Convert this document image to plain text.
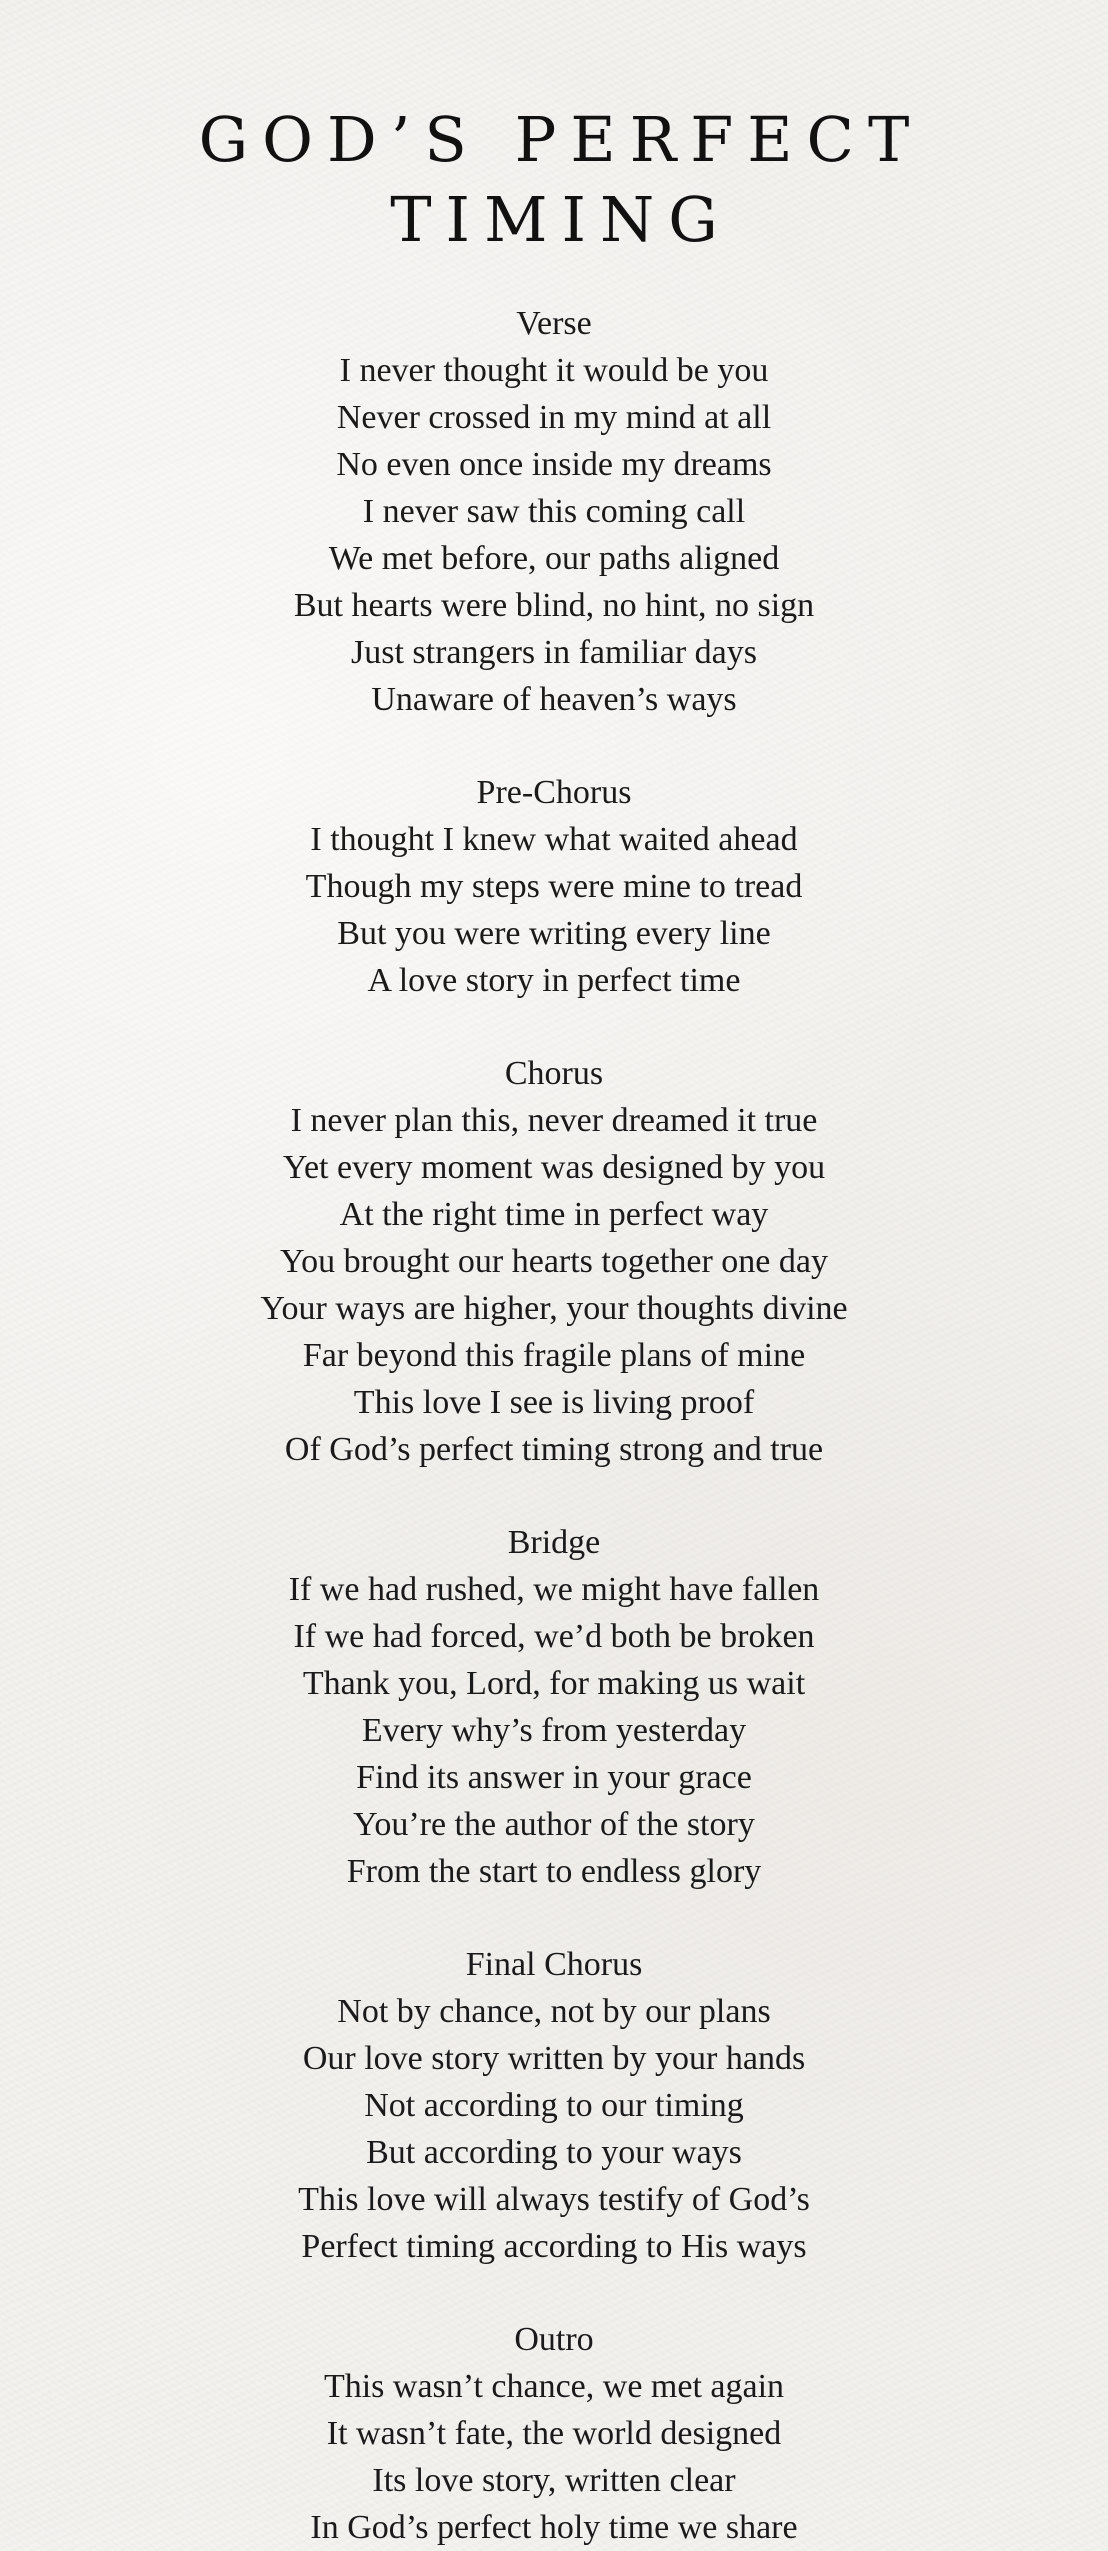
GOD’S PERFECT TIMING
Verse
I never thought it would be you
Never crossed in my mind at all
No even once inside my dreams
I never saw this coming call
We met before, our paths aligned
But hearts were blind, no hint, no sign
Just strangers in familiar days
Unaware of heaven’s ways
Pre-Chorus
I thought I knew what waited ahead
Though my steps were mine to tread
But you were writing every line
A love story in perfect time
Chorus
I never plan this, never dreamed it true
Yet every moment was designed by you
At the right time in perfect way
You brought our hearts together one day
Your ways are higher, your thoughts divine
Far beyond this fragile plans of mine
This love I see is living proof
Of God’s perfect timing strong and true
Bridge
If we had rushed, we might have fallen
If we had forced, we’d both be broken
Thank you, Lord, for making us wait
Every why’s from yesterday
Find its answer in your grace
You’re the author of the story
From the start to endless glory
Final Chorus
Not by chance, not by our plans
Our love story written by your hands
Not according to our timing
But according to your ways
This love will always testify of God’s
Perfect timing according to His ways
Outro
This wasn’t chance, we met again
It wasn’t fate, the world designed
Its love story, written clear
In God’s perfect holy time we share
